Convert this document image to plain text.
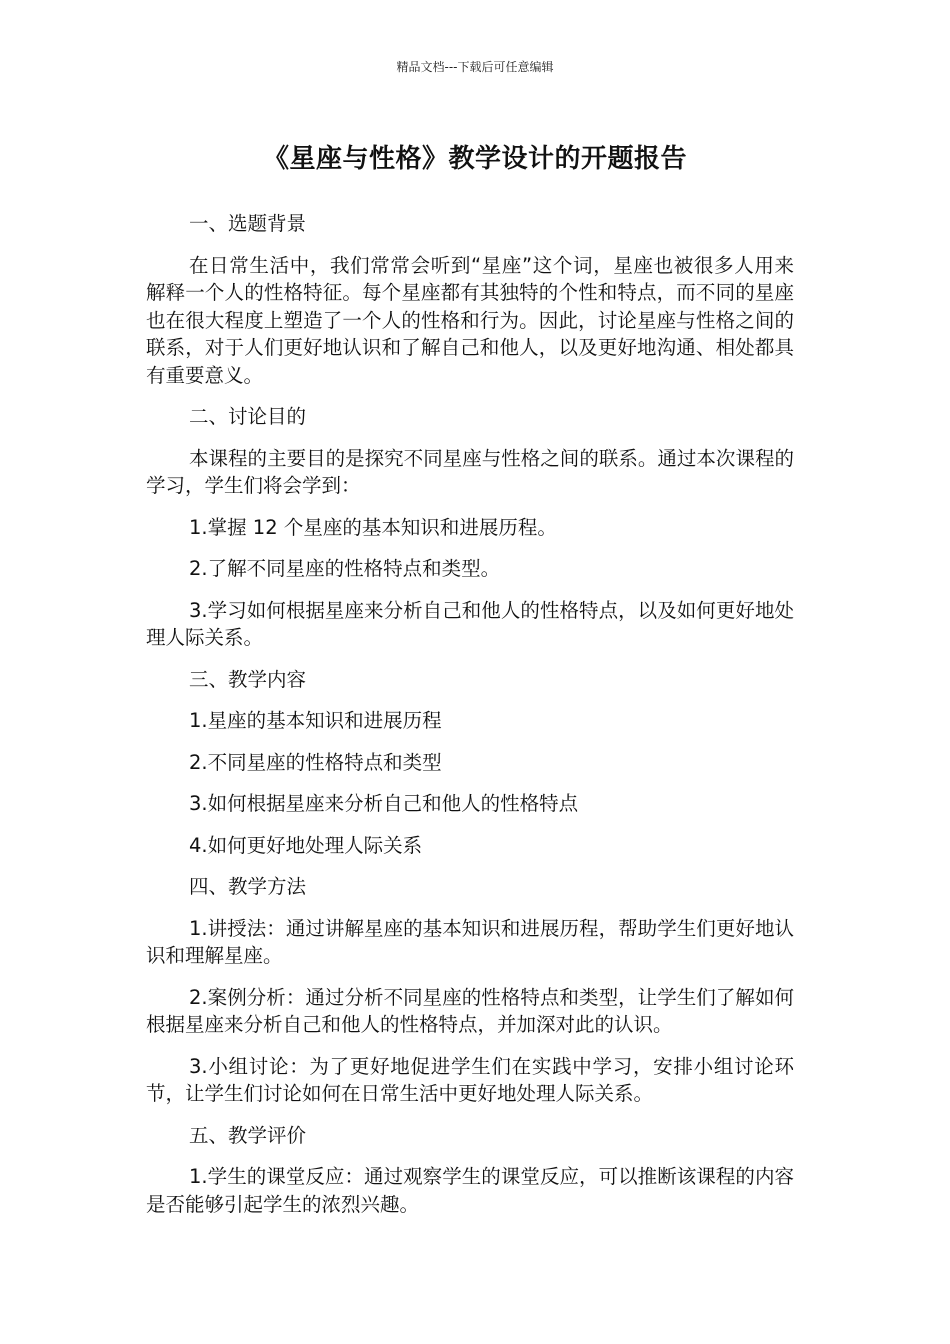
精品文档---下载后可任意编辑
《星座与性格》教学设计的开题报告

一、选题背景

在日常生活中，我们常常会听到“星座”这个词，星座也被很多人用来解释一个人的性格特征。每个星座都有其独特的个性和特点，而不同的星座也在很大程度上塑造了一个人的性格和行为。因此，讨论星座与性格之间的联系，对于人们更好地认识和了解自己和他人，以及更好地沟通、相处都具有重要意义。

二、讨论目的

本课程的主要目的是探究不同星座与性格之间的联系。通过本次课程的学习，学生们将会学到：

1.掌握 12 个星座的基本知识和进展历程。

2.了解不同星座的性格特点和类型。

3.学习如何根据星座来分析自己和他人的性格特点，以及如何更好地处理人际关系。

三、教学内容

1.星座的基本知识和进展历程

2.不同星座的性格特点和类型

3.如何根据星座来分析自己和他人的性格特点

4.如何更好地处理人际关系

四、教学方法

1.讲授法：通过讲解星座的基本知识和进展历程，帮助学生们更好地认识和理解星座。

2.案例分析：通过分析不同星座的性格特点和类型，让学生们了解如何根据星座来分析自己和他人的性格特点，并加深对此的认识。

3.小组讨论：为了更好地促进学生们在实践中学习，安排小组讨论环节，让学生们讨论如何在日常生活中更好地处理人际关系。

五、教学评价

1.学生的课堂反应：通过观察学生的课堂反应，可以推断该课程的内容是否能够引起学生的浓烈兴趣。
